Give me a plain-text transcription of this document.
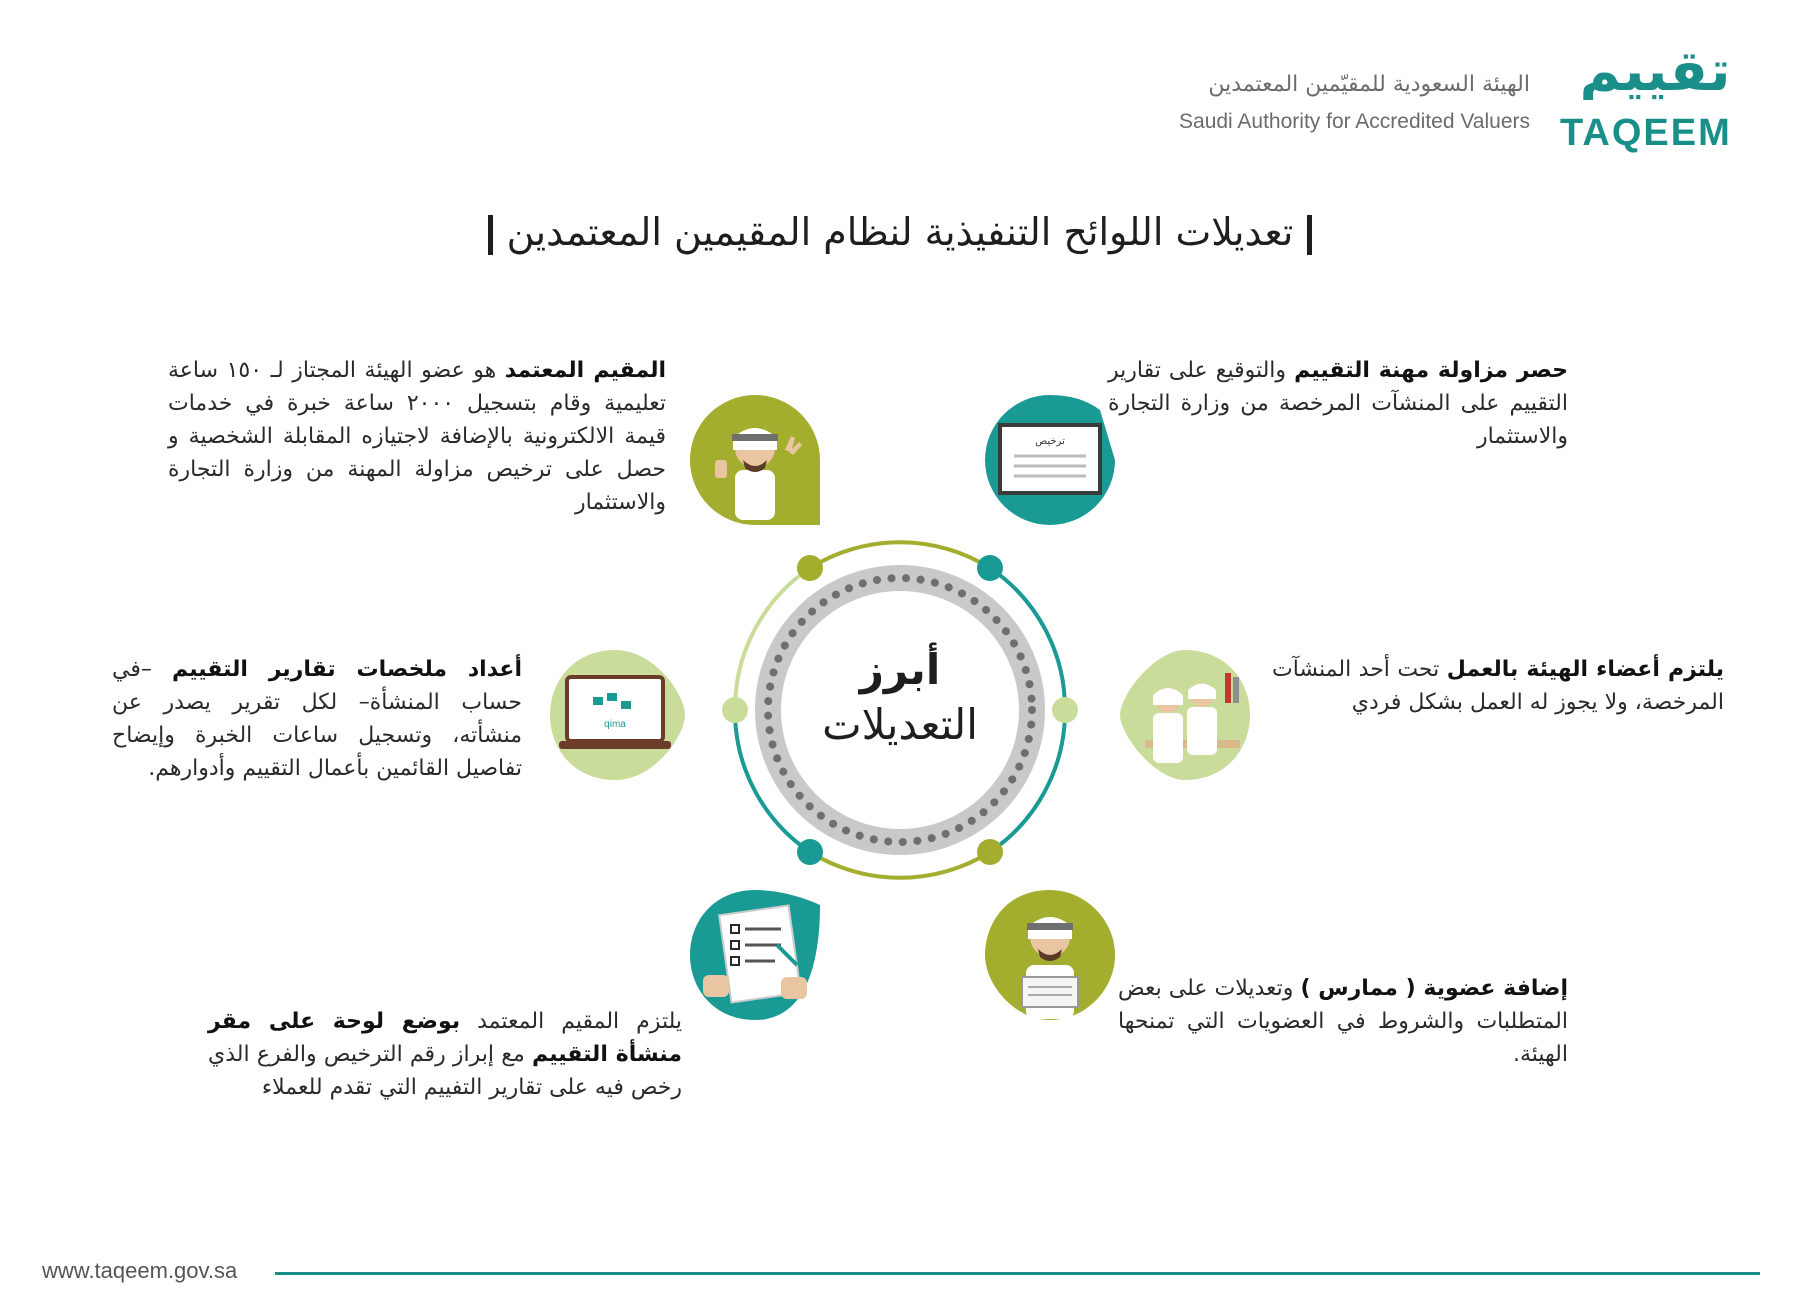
تقييم
TAQEEM
الهيئة السعودية للمقيّمين المعتمدين
Saudi Authority for Accredited Valuers
تعديلات اللوائح التنفيذية لنظام المقيمين المعتمدين
أبرز
التعديلات
ترخيص
qima
المقيم المعتمد هو عضو الهيئة المجتاز لـ ١٥٠ ساعة تعليمية وقام بتسجيل ٢٠٠٠ ساعة خبرة في خدمات قيمة الالكترونية بالإضافة لاجتيازه المقابلة الشخصية و حصل على ترخيص مزاولة المهنة من وزارة التجارة والاستثمار
حصر مزاولة مهنة التقييم والتوقيع على تقارير التقييم على المنشآت المرخصة من وزارة التجارة والاستثمار
أعداد ملخصات تقارير التقييم –في حساب المنشأة– لكل تقرير يصدر عن منشأته، وتسجيل ساعات الخبرة وإيضاح تفاصيل القائمين بأعمال التقييم وأدوارهم.
يلتزم أعضاء الهيئة بالعمل تحت أحد المنشآت المرخصة، ولا يجوز له العمل بشكل فردي
يلتزم المقيم المعتمد بوضع لوحة على مقر منشأة التقييم مع إبراز رقم الترخيص والفرع الذي رخص فيه على تقارير التفييم التي تقدم للعملاء
إضافة عضوية ( ممارس ) وتعديلات على بعض المتطلبات والشروط في العضويات التي تمنحها الهيئة.
www.taqeem.gov.sa
